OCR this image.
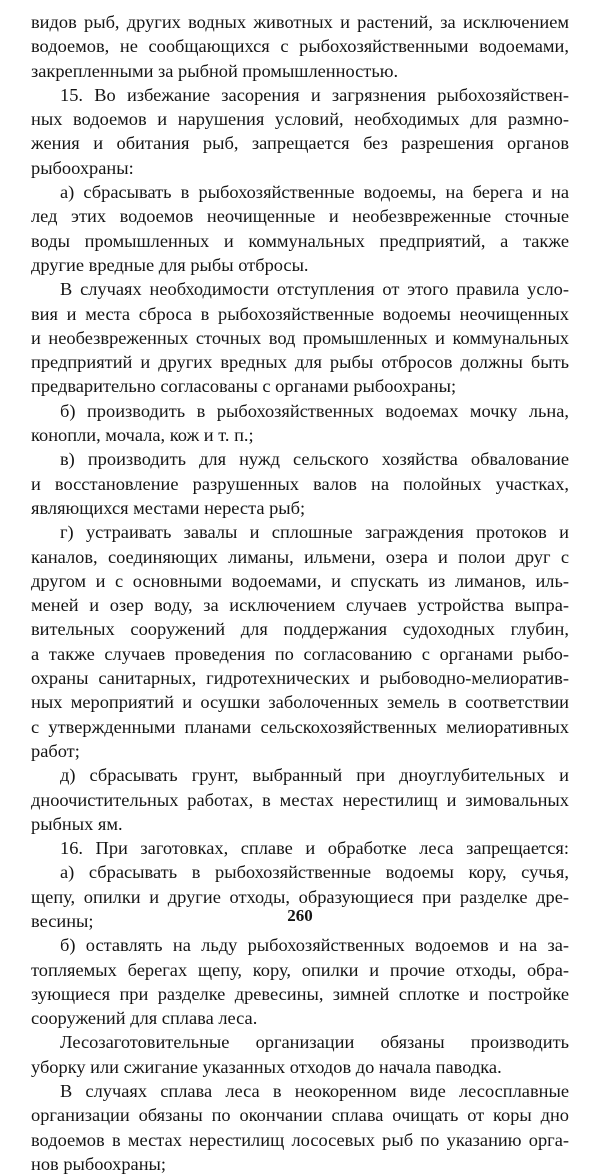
видов рыб, других водных животных и растений, за исключением
водоемов, не сообщающихся с рыбохозяйственными водоемами,
закрепленными за рыбной промышленностью.
15. Во избежание засорения и загрязнения рыбохозяйствен-
ных водоемов и нарушения условий, необходимых для размно-
жения и обитания рыб, запрещается без разрешения органов
рыбоохраны:
а) сбрасывать в рыбохозяйственные водоемы, на берега и на
лед этих водоемов неочищенные и необезвреженные сточные
воды промышленных и коммунальных предприятий, а также
другие вредные для рыбы отбросы.
В случаях необходимости отступления от этого правила усло-
вия и места сброса в рыбохозяйственные водоемы неочищенных
и необезвреженных сточных вод промышленных и коммунальных
предприятий и других вредных для рыбы отбросов должны быть
предварительно согласованы с органами рыбоохраны;
б) производить в рыбохозяйственных водоемах мочку льна,
конопли, мочала, кож и т. п.;
в) производить для нужд сельского хозяйства обвалование
и восстановление разрушенных валов на полойных участках,
являющихся местами нереста рыб;
г) устраивать завалы и сплошные заграждения протоков и
каналов, соединяющих лиманы, ильмени, озера и полои друг с
другом и с основными водоемами, и спускать из лиманов, иль-
меней и озер воду, за исключением случаев устройства выпра-
вительных сооружений для поддержания судоходных глубин,
а также случаев проведения по согласованию с органами рыбо-
охраны санитарных, гидротехнических и рыбоводно-мелиоратив-
ных мероприятий и осушки заболоченных земель в соответствии
с утвержденными планами сельскохозяйственных мелиоративных
работ;
д) сбрасывать грунт, выбранный при дноуглубительных и
дноочистительных работах, в местах нерестилищ и зимовальных
рыбных ям.
16. При заготовках, сплаве и обработке леса запрещается:
а) сбрасывать в рыбохозяйственные водоемы кору, сучья,
щепу, опилки и другие отходы, образующиеся при разделке дре-
весины;
б) оставлять на льду рыбохозяйственных водоемов и на за-
топляемых берегах щепу, кору, опилки и прочие отходы, обра-
зующиеся при разделке древесины, зимней сплотке и постройке
сооружений для сплава леса.
Лесозаготовительные организации обязаны производить
уборку или сжигание указанных отходов до начала паводка.
В случаях сплава леса в неокоренном виде лесосплавные
организации обязаны по окончании сплава очищать от коры дно
водоемов в местах нерестилищ лососевых рыб по указанию орга-
нов рыбоохраны;
260
